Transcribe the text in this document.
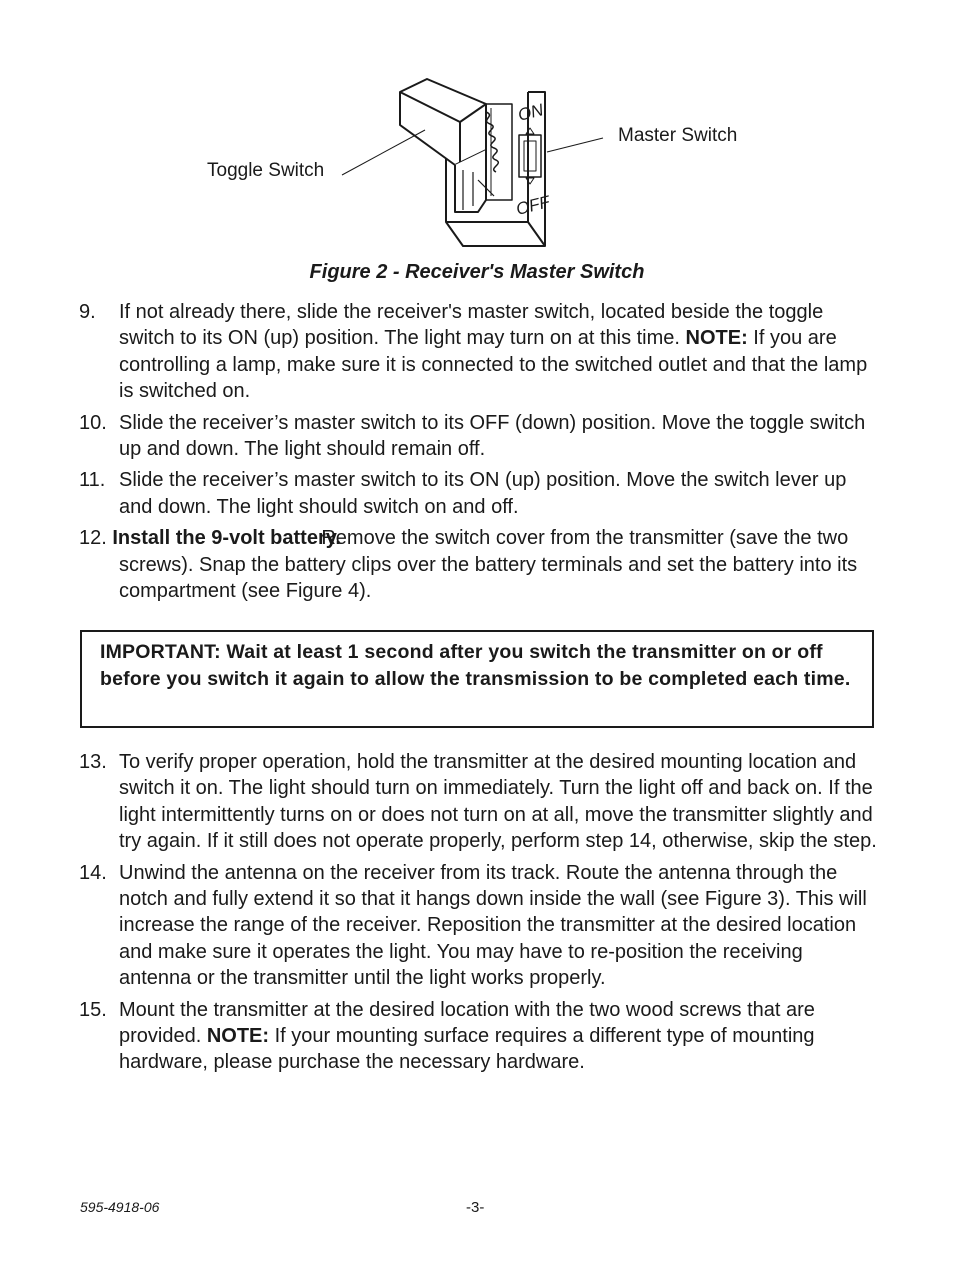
ON
OFF
Toggle Switch
Master Switch
Figure 2 - Receiver's Master Switch
9. If not already there, slide the receiver's master switch, located beside the toggle switch to its ON (up) position. The light may turn on at this time. NOTE: If you are controlling a lamp, make sure it is connected to the switched outlet and that the lamp is switched on.
10. Slide the receiver’s master switch to its OFF (down) position. Move the toggle switch up and down. The light should remain off.
11. Slide the receiver’s master switch to its ON (up) position. Move the switch lever up and down. The light should switch on and off.
12. Install the 9-volt battery.
Remove the switch cover from the transmitter (save the two screws). Snap the battery clips over the battery terminals and set the battery into its compartment (see Figure 4).
IMPORTANT: Wait at least 1 second after you switch the transmitter on or off before you switch it again to allow the transmission to be completed each time.
13. To verify proper operation, hold the transmitter at the desired mounting location and switch it on. The light should turn on immediately. Turn the light off and back on. If the light intermittently turns on or does not turn on at all, move the transmitter slightly and try again. If it still does not operate properly, perform step 14, otherwise, skip the step.
14. Unwind the antenna on the receiver from its track. Route the antenna through the notch and fully extend it so that it hangs down inside the wall (see Figure 3). This will increase the range of the receiver. Reposition the transmitter at the desired location and make sure it operates the light. You may have to re-position the receiving antenna or the transmitter until the light works properly.
15. Mount the transmitter at the desired location with the two wood screws that are provided. NOTE: If your mounting surface requires a different type of mounting hardware, please purchase the necessary hardware.
595-4918-06	-3-
